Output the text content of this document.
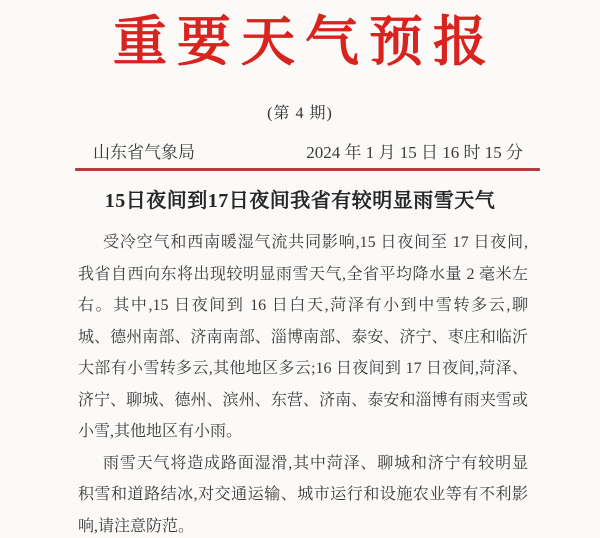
重要天气预报
(第 4 期)
山东省气象局	2024 年 1 月 15 日 16 时 15 分
15日夜间到17日夜间我省有较明显雨雪天气
受冷空气和西南暖湿气流共同影响,15 日夜间至 17 日夜间,
我省自西向东将出现较明显雨雪天气,全省平均降水量 2 毫米左
右。其中,15 日夜间到 16 日白天,菏泽有小到中雪转多云,聊
城、德州南部、济南南部、淄博南部、泰安、济宁、枣庄和临沂
大部有小雪转多云,其他地区多云;16 日夜间到 17 日夜间,菏泽、
济宁、聊城、德州、滨州、东营、济南、泰安和淄博有雨夹雪或
小雪,其他地区有小雨。
雨雪天气将造成路面湿滑,其中菏泽、聊城和济宁有较明显
积雪和道路结冰,对交通运输、城市运行和设施农业等有不利影
响,请注意防范。
